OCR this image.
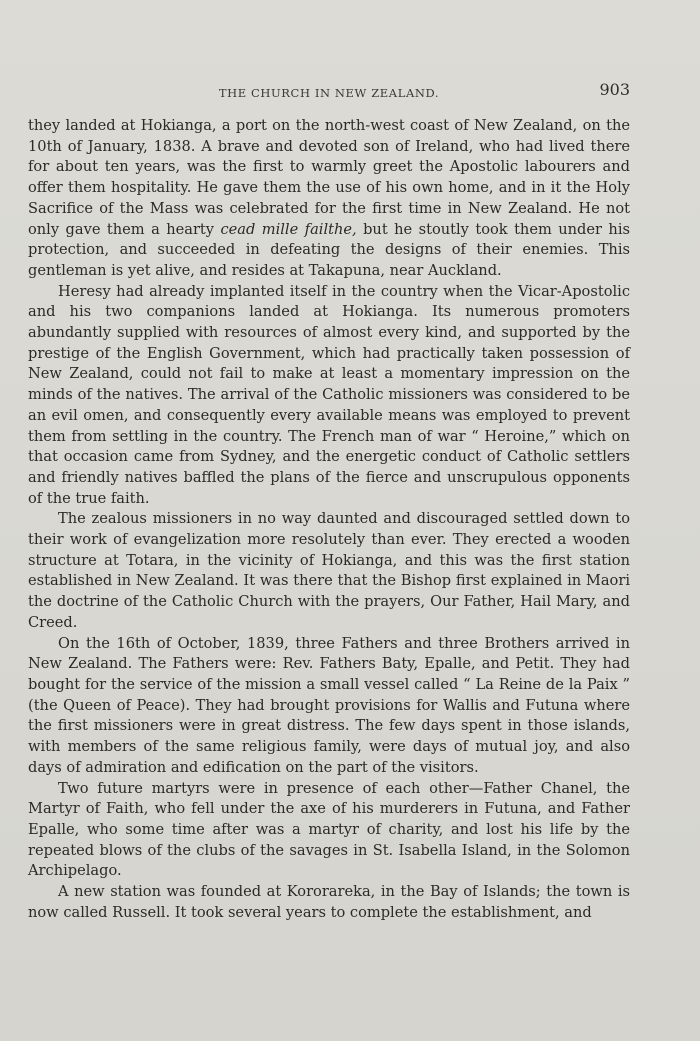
THE CHURCH IN NEW ZEALAND.	903

they landed at Hokianga, a port on the north-west coast of New Zealand, on the 10th of January, 1838. A brave and devoted son of Ireland, who had lived there for about ten years, was the first to warmly greet the Apostolic labourers and offer them hospitality. He gave them the use of his own home, and in it the Holy Sacrifice of the Mass was celebrated for the first time in New Zealand. He not only gave them a hearty cead mille failthe, but he stoutly took them under his protection, and succeeded in defeating the designs of their enemies. This gentleman is yet alive, and resides at Takapuna, near Auckland.

Heresy had already implanted itself in the country when the Vicar-Apostolic and his two companions landed at Hokianga. Its numerous promoters abundantly supplied with resources of almost every kind, and supported by the prestige of the English Government, which had practically taken possession of New Zealand, could not fail to make at least a momentary impression on the minds of the natives. The arrival of the Catholic missioners was considered to be an evil omen, and consequently every available means was employed to prevent them from settling in the country. The French man of war “ Heroine,” which on that occasion came from Sydney, and the energetic conduct of Catholic settlers and friendly natives baffled the plans of the fierce and unscrupulous opponents of the true faith.

The zealous missioners in no way daunted and discouraged settled down to their work of evangelization more resolutely than ever. They erected a wooden structure at Totara, in the vicinity of Hokianga, and this was the first station established in New Zealand. It was there that the Bishop first explained in Maori the doctrine of the Catholic Church with the prayers, Our Father, Hail Mary, and Creed.

On the 16th of October, 1839, three Fathers and three Brothers arrived in New Zealand. The Fathers were: Rev. Fathers Baty, Epalle, and Petit. They had bought for the service of the mission a small vessel called “ La Reine de la Paix ” (the Queen of Peace). They had brought provisions for Wallis and Futuna where the first missioners were in great distress. The few days spent in those islands, with members of the same religious family, were days of mutual joy, and also days of admiration and edification on the part of the visitors.

Two future martyrs were in presence of each other—Father Chanel, the Martyr of Faith, who fell under the axe of his murderers in Futuna, and Father Epalle, who some time after was a martyr of charity, and lost his life by the repeated blows of the clubs of the savages in St. Isabella Island, in the Solomon Archipelago.

A new station was founded at Kororareka, in the Bay of Islands; the town is now called Russell. It took several years to complete the establishment, and
